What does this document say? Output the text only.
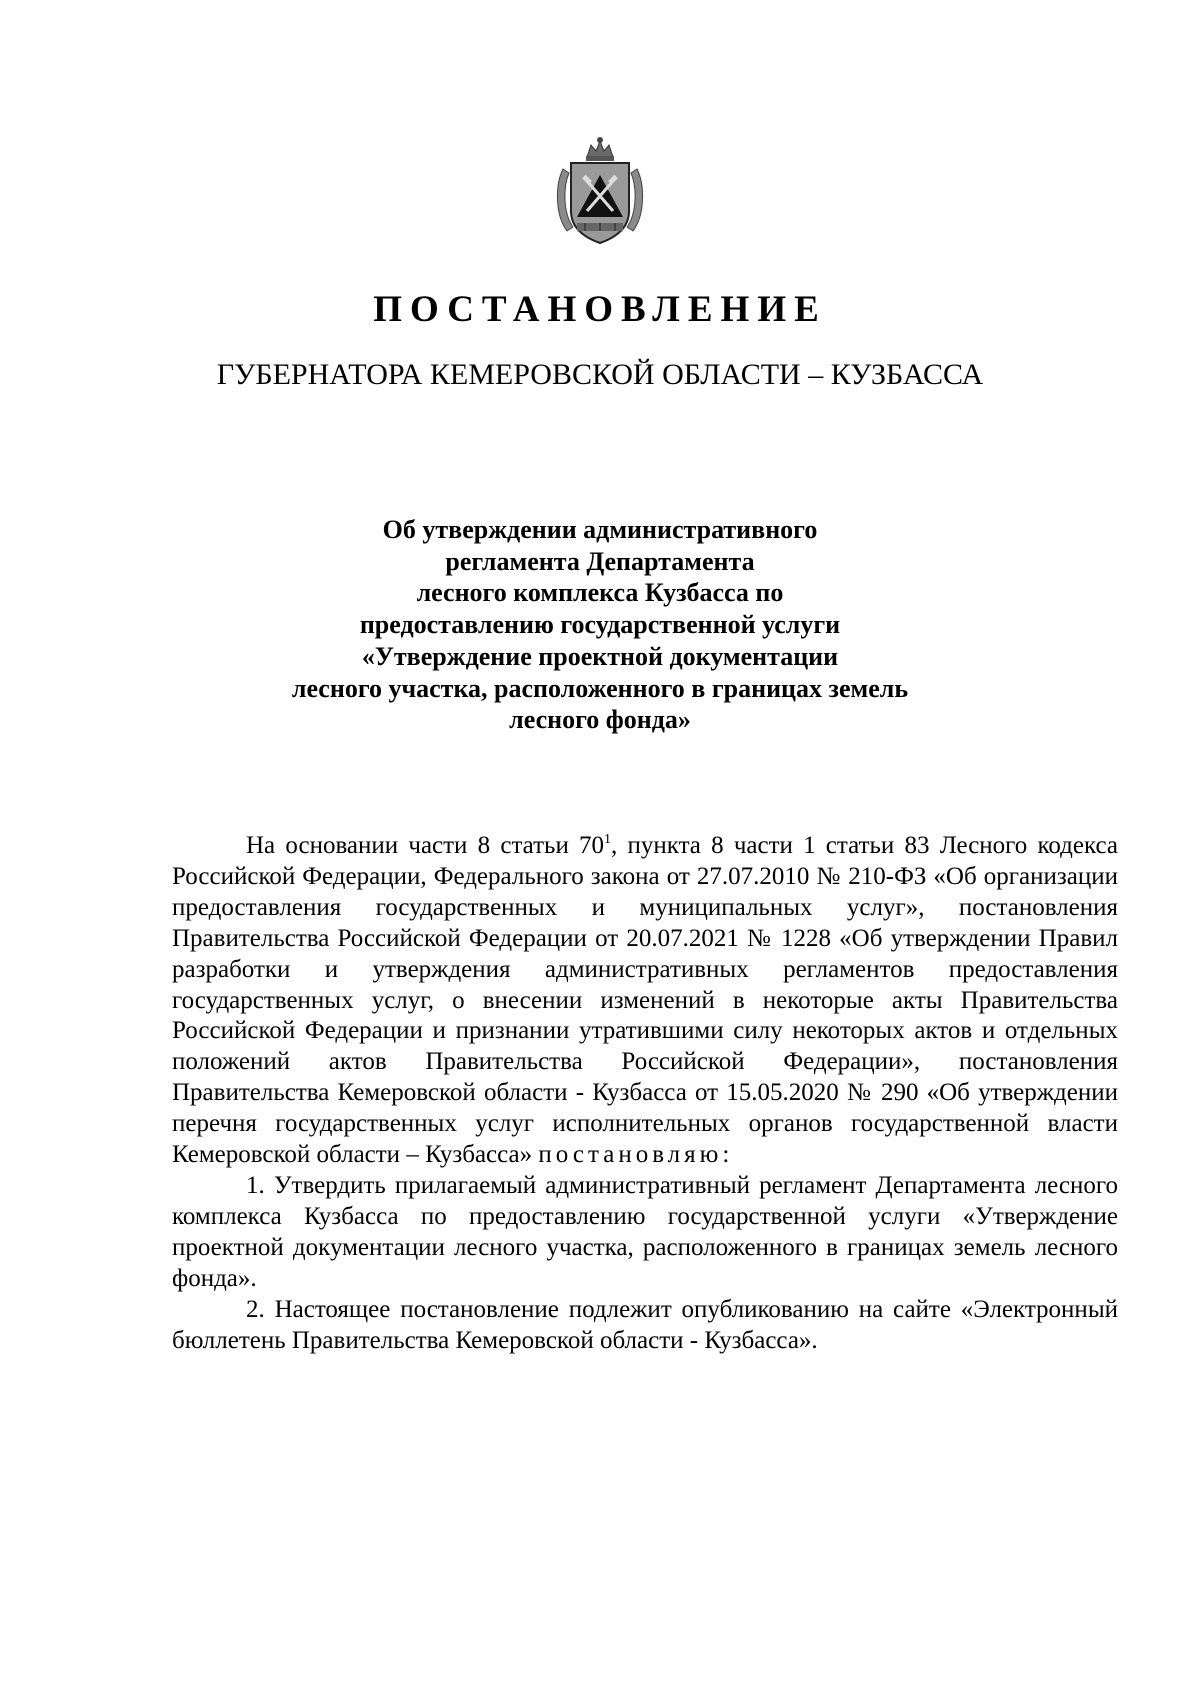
ПОСТАНОВЛЕНИЕ
ГУБЕРНАТОРА КЕМЕРОВСКОЙ ОБЛАСТИ – КУЗБАССА
Об утверждении административного
регламента Департамента
лесного комплекса Кузбасса по
предоставлению государственной услуги
«Утверждение проектной документации
лесного участка, расположенного в границах земель
лесного фонда»

На основании части 8 статьи $70^1$, пункта 8 части 1 статьи 83 Лесного кодекса Российской Федерации, Федерального закона от 27.07.2010 № 210-ФЗ «Об организации предоставления государственных и муниципальных услуг», постановления Правительства Российской Федерации от 20.07.2021 № 1228 «Об утверждении Правил разработки и утверждения административных регламентов предоставления государственных услуг, о внесении изменений в некоторые акты Правительства Российской Федерации и признании утратившими силу некоторых актов и отдельных положений актов Правительства Российской Федерации», постановления Правительства Кемеровской области - Кузбасса от 15.05.2020 № 290 «Об утверждении перечня государственных услуг исполнительных органов государственной власти Кемеровской области – Кузбасса» постановляю:

1. Утвердить прилагаемый административный регламент Департамента лесного комплекса Кузбасса по предоставлению государственной услуги «Утверждение проектной документации лесного участка, расположенного в границах земель лесного фонда».

2. Настоящее постановление подлежит опубликованию на сайте «Электронный бюллетень Правительства Кемеровской области - Кузбасса».
